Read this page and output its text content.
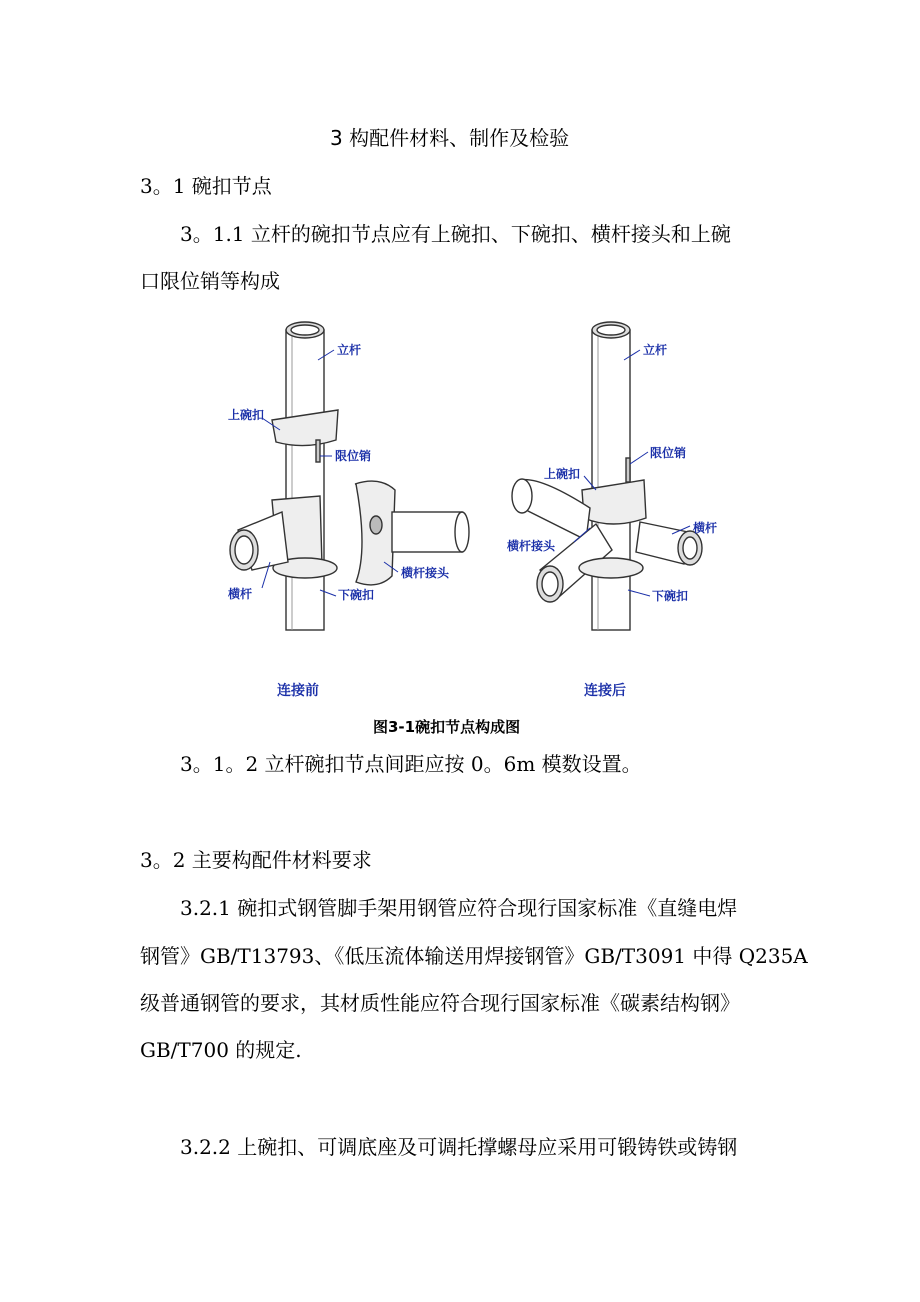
3 构配件材料、制作及检验
3。1 碗扣节点
3。1.1 立杆的碗扣节点应有上碗扣、下碗扣、横杆接头和上碗
口限位销等构成
立杆
上碗扣
限位销
横杆	下碗扣
横杆接头
连接前
立杆
限位销
上碗扣
横杆
横杆接头
下碗扣
连接后
图3-1碗扣节点构成图
3。1。2 立杆碗扣节点间距应按 0。6m 模数设置。
3。2 主要构配件材料要求
3.2.1 碗扣式钢管脚手架用钢管应符合现行国家标准《直缝电焊
钢管》GB/T13793、《低压流体输送用焊接钢管》GB/T3091 中得 Q235A
级普通钢管的要求，其材质性能应符合现行国家标准《碳素结构钢》
GB/T700 的规定.
3.2.2 上碗扣、可调底座及可调托撑螺母应采用可锻铸铁或铸钢
